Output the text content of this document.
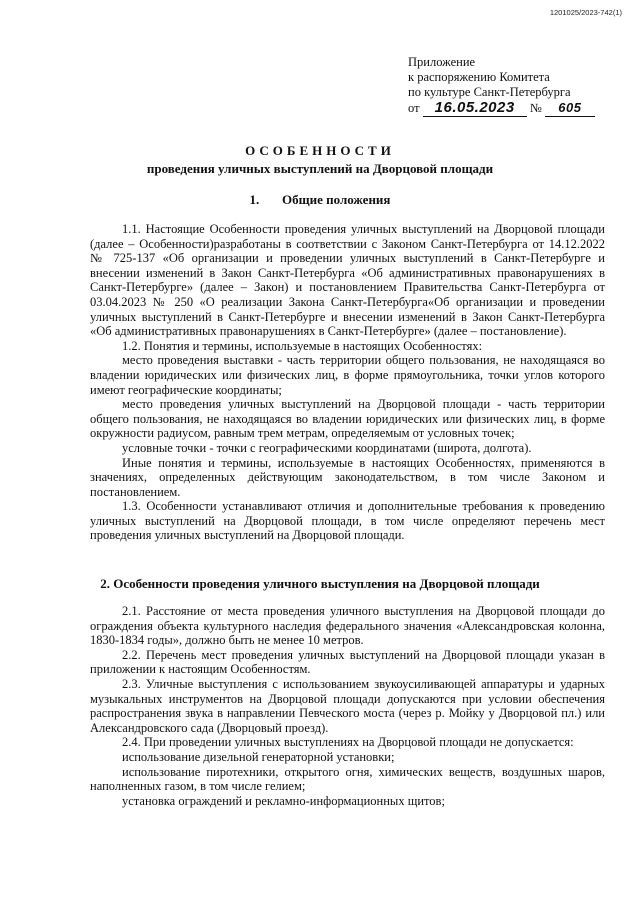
1201025/2023-742(1)
Приложение
к распоряжению Комитета
по культуре Санкт-Петербурга
от 16.05.2023 № 605
ОСОБЕННОСТИ
проведения уличных выступлений на Дворцовой площади
1.       Общие положения

1.1. Настоящие Особенности проведения уличных выступлений на Дворцовой площади (далее – Особенности)разработаны в соответствии с Законом Санкт-Петербурга от 14.12.2022 № 725-137 «Об организации и проведении уличных выступлений в Санкт-Петербурге и внесении изменений в Закон Санкт-Петербурга «Об административных правонарушениях в Санкт-Петербурге» (далее – Закон) и постановлением Правительства Санкт-Петербурга от 03.04.2023 № 250 «О реализации Закона Санкт-Петербурга«Об организации и проведении уличных выступлений в Санкт-Петербурге и внесении изменений в Закон Санкт-Петербурга «Об административных правонарушениях в Санкт-Петербурге» (далее – постановление).

1.2. Понятия и термины, используемые в настоящих Особенностях:

место проведения выставки - часть территории общего пользования, не находящаяся во владении юридических или физических лиц, в форме прямоугольника, точки углов которого имеют географические координаты;

место проведения уличных выступлений на Дворцовой площади - часть территории общего пользования, не находящаяся во владении юридических или физических лиц, в форме окружности радиусом, равным трем метрам, определяемым от условных точек;

условные точки - точки с географическими координатами (широта, долгота).

Иные понятия и термины, используемые в настоящих Особенностях, применяются в значениях, определенных действующим законодательством, в том числе Законом и постановлением.

1.3. Особенности устанавливают отличия и дополнительные требования к проведению уличных выступлений на Дворцовой площади, в том числе определяют перечень мест проведения уличных выступлений на Дворцовой площади.

2. Особенности проведения уличного выступления на Дворцовой площади

2.1. Расстояние от места проведения уличного выступления на Дворцовой площади до ограждения объекта культурного наследия федерального значения «Александровская колонна, 1830-1834 годы», должно быть не менее 10 метров.

2.2. Перечень мест проведения уличных выступлений на Дворцовой площади указан в приложении к настоящим Особенностям.

2.3. Уличные выступления с использованием звукоусиливающей аппаратуры и ударных музыкальных инструментов на Дворцовой площади допускаются при условии обеспечения распространения звука в направлении Певческого моста (через р. Мойку у Дворцовой пл.) или Александровского сада (Дворцовый проезд).

2.4. При проведении уличных выступлениях на Дворцовой площади не допускается:

использование дизельной генераторной установки;

использование пиротехники, открытого огня, химических веществ, воздушных шаров, наполненных газом, в том числе гелием;

установка ограждений и рекламно-информационных щитов;
